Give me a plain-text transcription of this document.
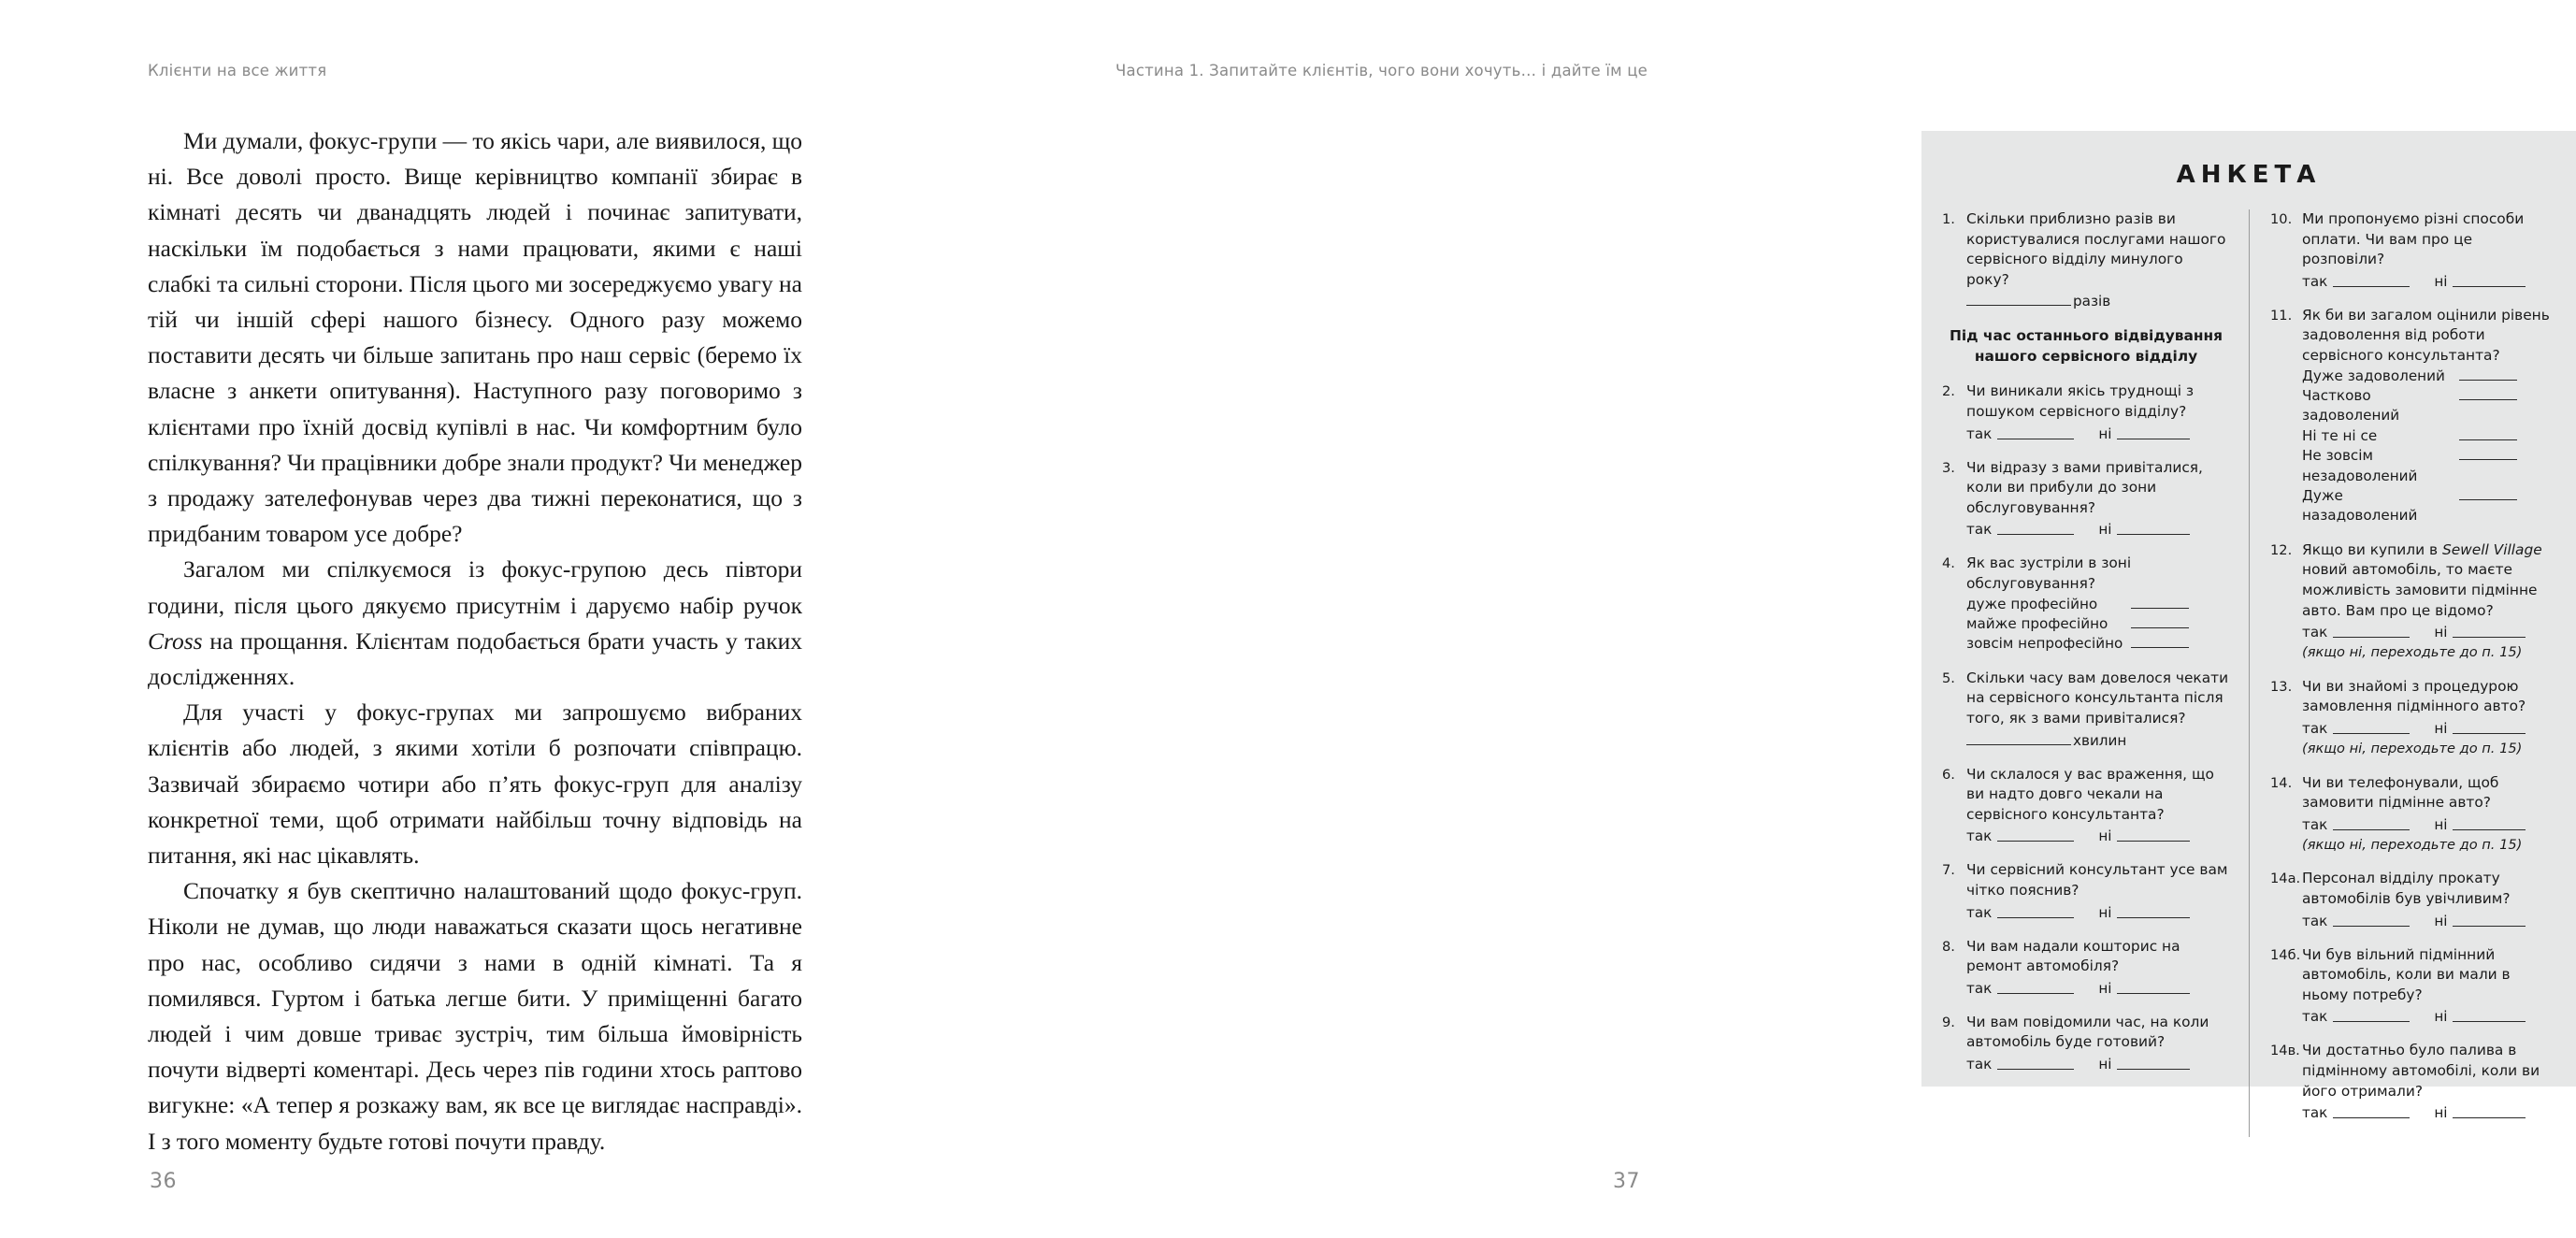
Клієнти на все життя

Ми думали, фокус-групи — то якісь чари, але виявилося, що ні. Все доволі просто. Вище керівництво компанії збирає в кімнаті десять чи дванадцять людей і починає запитувати, наскільки їм подобається з нами працювати, якими є наші слабкі та сильні сторони. Після цього ми зосереджуємо увагу на тій чи іншій сфері нашого бізнесу. Одного разу можемо поставити десять чи більше запитань про наш сервіс (беремо їх власне з анкети опитування). Наступного разу поговоримо з клієнтами про їхній досвід купівлі в нас. Чи комфортним було спілкування? Чи працівники добре знали продукт? Чи менеджер з продажу зателефонував через два тижні переконатися, що з придбаним товаром усе добре?

Загалом ми спілкуємося із фокус-групою десь півтори години, після цього дякуємо присутнім і даруємо набір ручок Cross на прощання. Клієнтам подобається брати участь у таких дослідженнях.

Для участі у фокус-групах ми запрошуємо вибраних клієнтів або людей, з якими хотіли б розпочати співпрацю. Зазвичай збираємо чотири або п’ять фокус-груп для аналізу конкретної теми, щоб отримати найбільш точну відповідь на питання, які нас цікавлять.

Спочатку я був скептично налаштований щодо фокус-груп. Ніколи не думав, що люди наважаться сказати щось негативне про нас, особливо сидячи з нами в одній кімнаті. Та я помилявся. Гуртом і батька легше бити. У приміщенні багато людей і чим довше триває зустріч, тим більша ймовірність почути відверті коментарі. Десь через пів години хтось раптово вигукне: «А тепер я розкажу вам, як все це виглядає насправді». І з того моменту будьте готові почути правду.

36
Частина 1. Запитайте клієнтів, чого вони хочуть… і дайте їм це
АНКЕТА
1. Скільки приблизно разів ви користувалися послугами нашого сервісного відділу минулого року?
разів
Під час останнього відвідування нашого сервісного відділу
2. Чи виникали якісь труднощі з пошуком сервісного відділу?
так	ні
3. Чи відразу з вами привіталися, коли ви прибули до зони обслуговування?
так	ні
4. Як вас зустріли в зоні обслуговування?
дуже професійно
майже професійно
зовсім непрофесійно
5. Скільки часу вам довелося чекати на сервісного консультанта після того, як з вами привіталися?
хвилин
6. Чи склалося у вас враження, що ви надто довго чекали на сервісного консультанта?
так	ні
7. Чи сервісний консультант усе вам чітко пояснив?
так	ні
8. Чи вам надали кошторис на ремонт автомобіля?
так	ні
9. Чи вам повідомили час, на коли автомобіль буде готовий?
так	ні
10. Ми пропонуємо різні способи оплати. Чи вам про це розповіли?
так	ні
11. Як би ви загалом оцінили рівень задоволення від роботи сервісного консультанта?
Дуже задоволений
Частково задоволений
Ні те ні се
Не зовсім незадоволений
Дуже назадоволений
12. Якщо ви купили в Sewell Village новий автомобіль, то маєте можливість замовити підмінне авто. Вам про це відомо?
так	ні
(якщо ні, переходьте до п. 15)
13. Чи ви знайомі з процедурою замовлення підмінного авто?
так	ні
(якщо ні, переходьте до п. 15)
14. Чи ви телефонували, щоб замовити підмінне авто?
так	ні
(якщо ні, переходьте до п. 15)
14а. Персонал відділу прокату автомобілів був увічливим?
так	ні
14б. Чи був вільний підмінний автомобіль, коли ви мали в ньому потребу?
так	ні
14в. Чи достатньо було палива в підмінному автомобілі, коли ви його отримали?
так	ні
37
